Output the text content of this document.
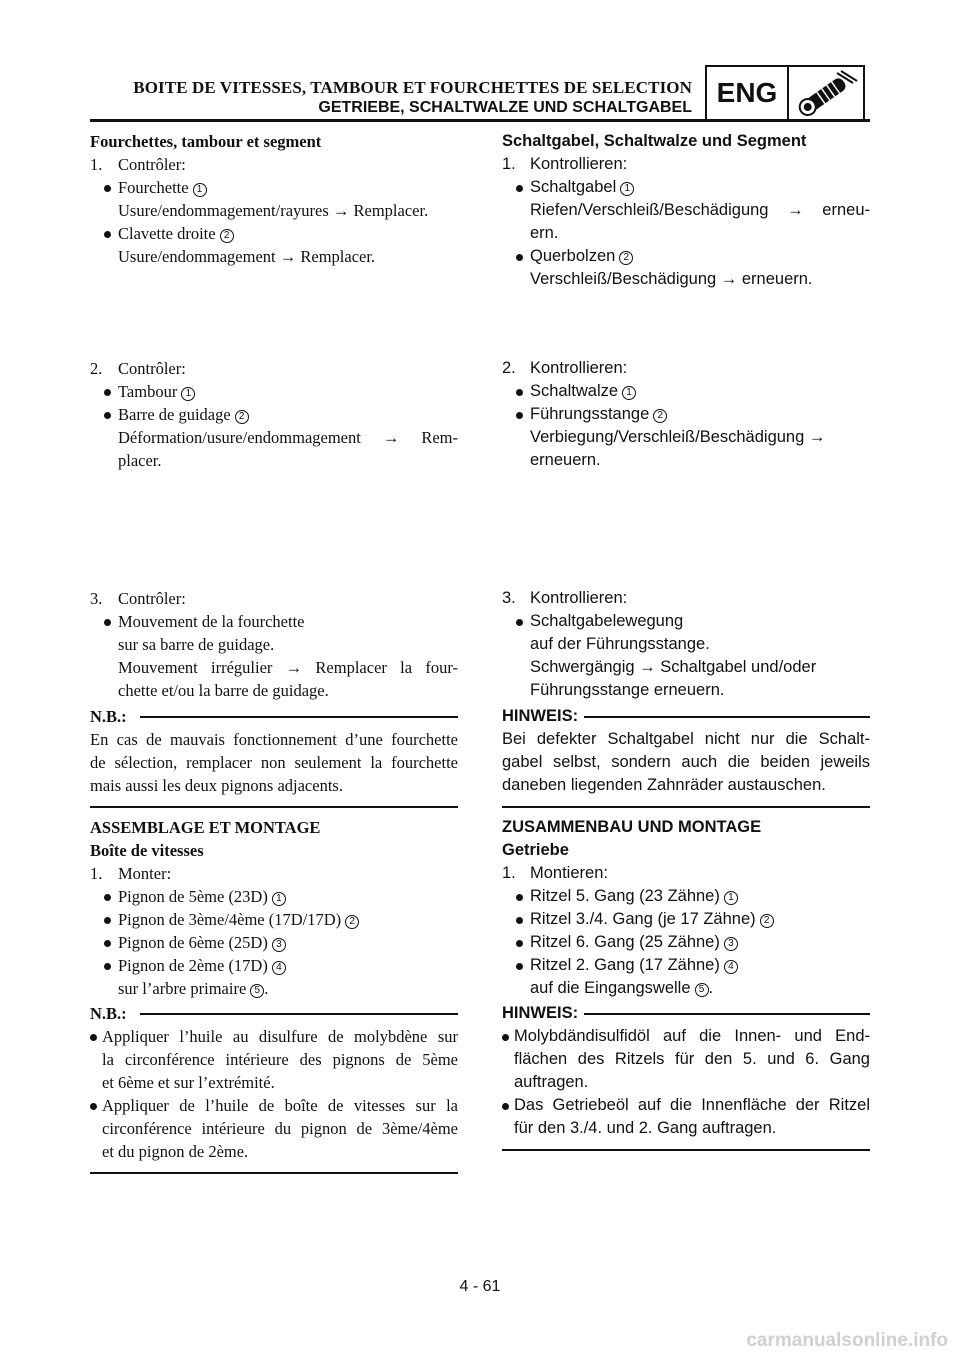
BOITE DE VITESSES, TAMBOUR ET FOURCHETTES DE SELECTION
GETRIEBE, SCHALTWALZE UND SCHALTGABEL ENG
Fourchettes, tambour et segment
1. Contrôler:
Fourchette 1
Usure/endommagement/rayures → Remplacer.
Clavette droite 2
Usure/endommagement → Remplacer.
2. Contrôler:
Tambour 1
Barre de guidage 2
Déformation/usure/endommagement → Rem-
placer.
3. Contrôler:
Mouvement de la fourchette
sur sa barre de guidage.
Mouvement irrégulier → Remplacer la four-
chette et/ou la barre de guidage.
N.B.:
En cas de mauvais fonctionnement d’une fourchette
de sélection, remplacer non seulement la fourchette
mais aussi les deux pignons adjacents.
ASSEMBLAGE ET MONTAGE
Boîte de vitesses
1. Monter:
Pignon de 5ème (23D) 1
Pignon de 3ème/4ème (17D/17D) 2
Pignon de 6ème (25D) 3
Pignon de 2ème (17D) 4
sur l’arbre primaire 5 .
N.B.:
Appliquer l’huile au disulfure de molybdène sur
la circonférence intérieure des pignons de 5ème
et 6ème et sur l’extrémité.
Appliquer de l’huile de boîte de vitesses sur la
circonférence intérieure du pignon de 3ème/4ème
et du pignon de 2ème.
Schaltgabel, Schaltwalze und Segment
1. Kontrollieren:
Schaltgabel 1
Riefen/Verschleiß/Beschädigung → erneu-
ern.
Querbolzen 2
Verschleiß/Beschädigung → erneuern.
2. Kontrollieren:
Schaltwalze 1
Führungsstange 2
Verbiegung/Verschleiß/Beschädigung →
erneuern.
3. Kontrollieren:
Schaltgabelewegung
auf der Führungsstange.
Schwergängig → Schaltgabel und/oder
Führungsstange erneuern.
HINWEIS:
Bei defekter Schaltgabel nicht nur die Schalt-
gabel selbst, sondern auch die beiden jeweils
daneben liegenden Zahnräder austauschen.
ZUSAMMENBAU UND MONTAGE
Getriebe
1. Montieren:
Ritzel 5. Gang (23 Zähne) 1
Ritzel 3./4. Gang (je 17 Zähne) 2
Ritzel 6. Gang (25 Zähne) 3
Ritzel 2. Gang (17 Zähne) 4
auf die Eingangswelle 5 .
HINWEIS:
Molybdändisulfidöl auf die Innen- und End-
flächen des Ritzels für den 5. und 6. Gang
auftragen.
Das Getriebeöl auf die Innenfläche der Ritzel
für den 3./4. und 2. Gang auftragen.
4 - 61
carmanualsonline.info
